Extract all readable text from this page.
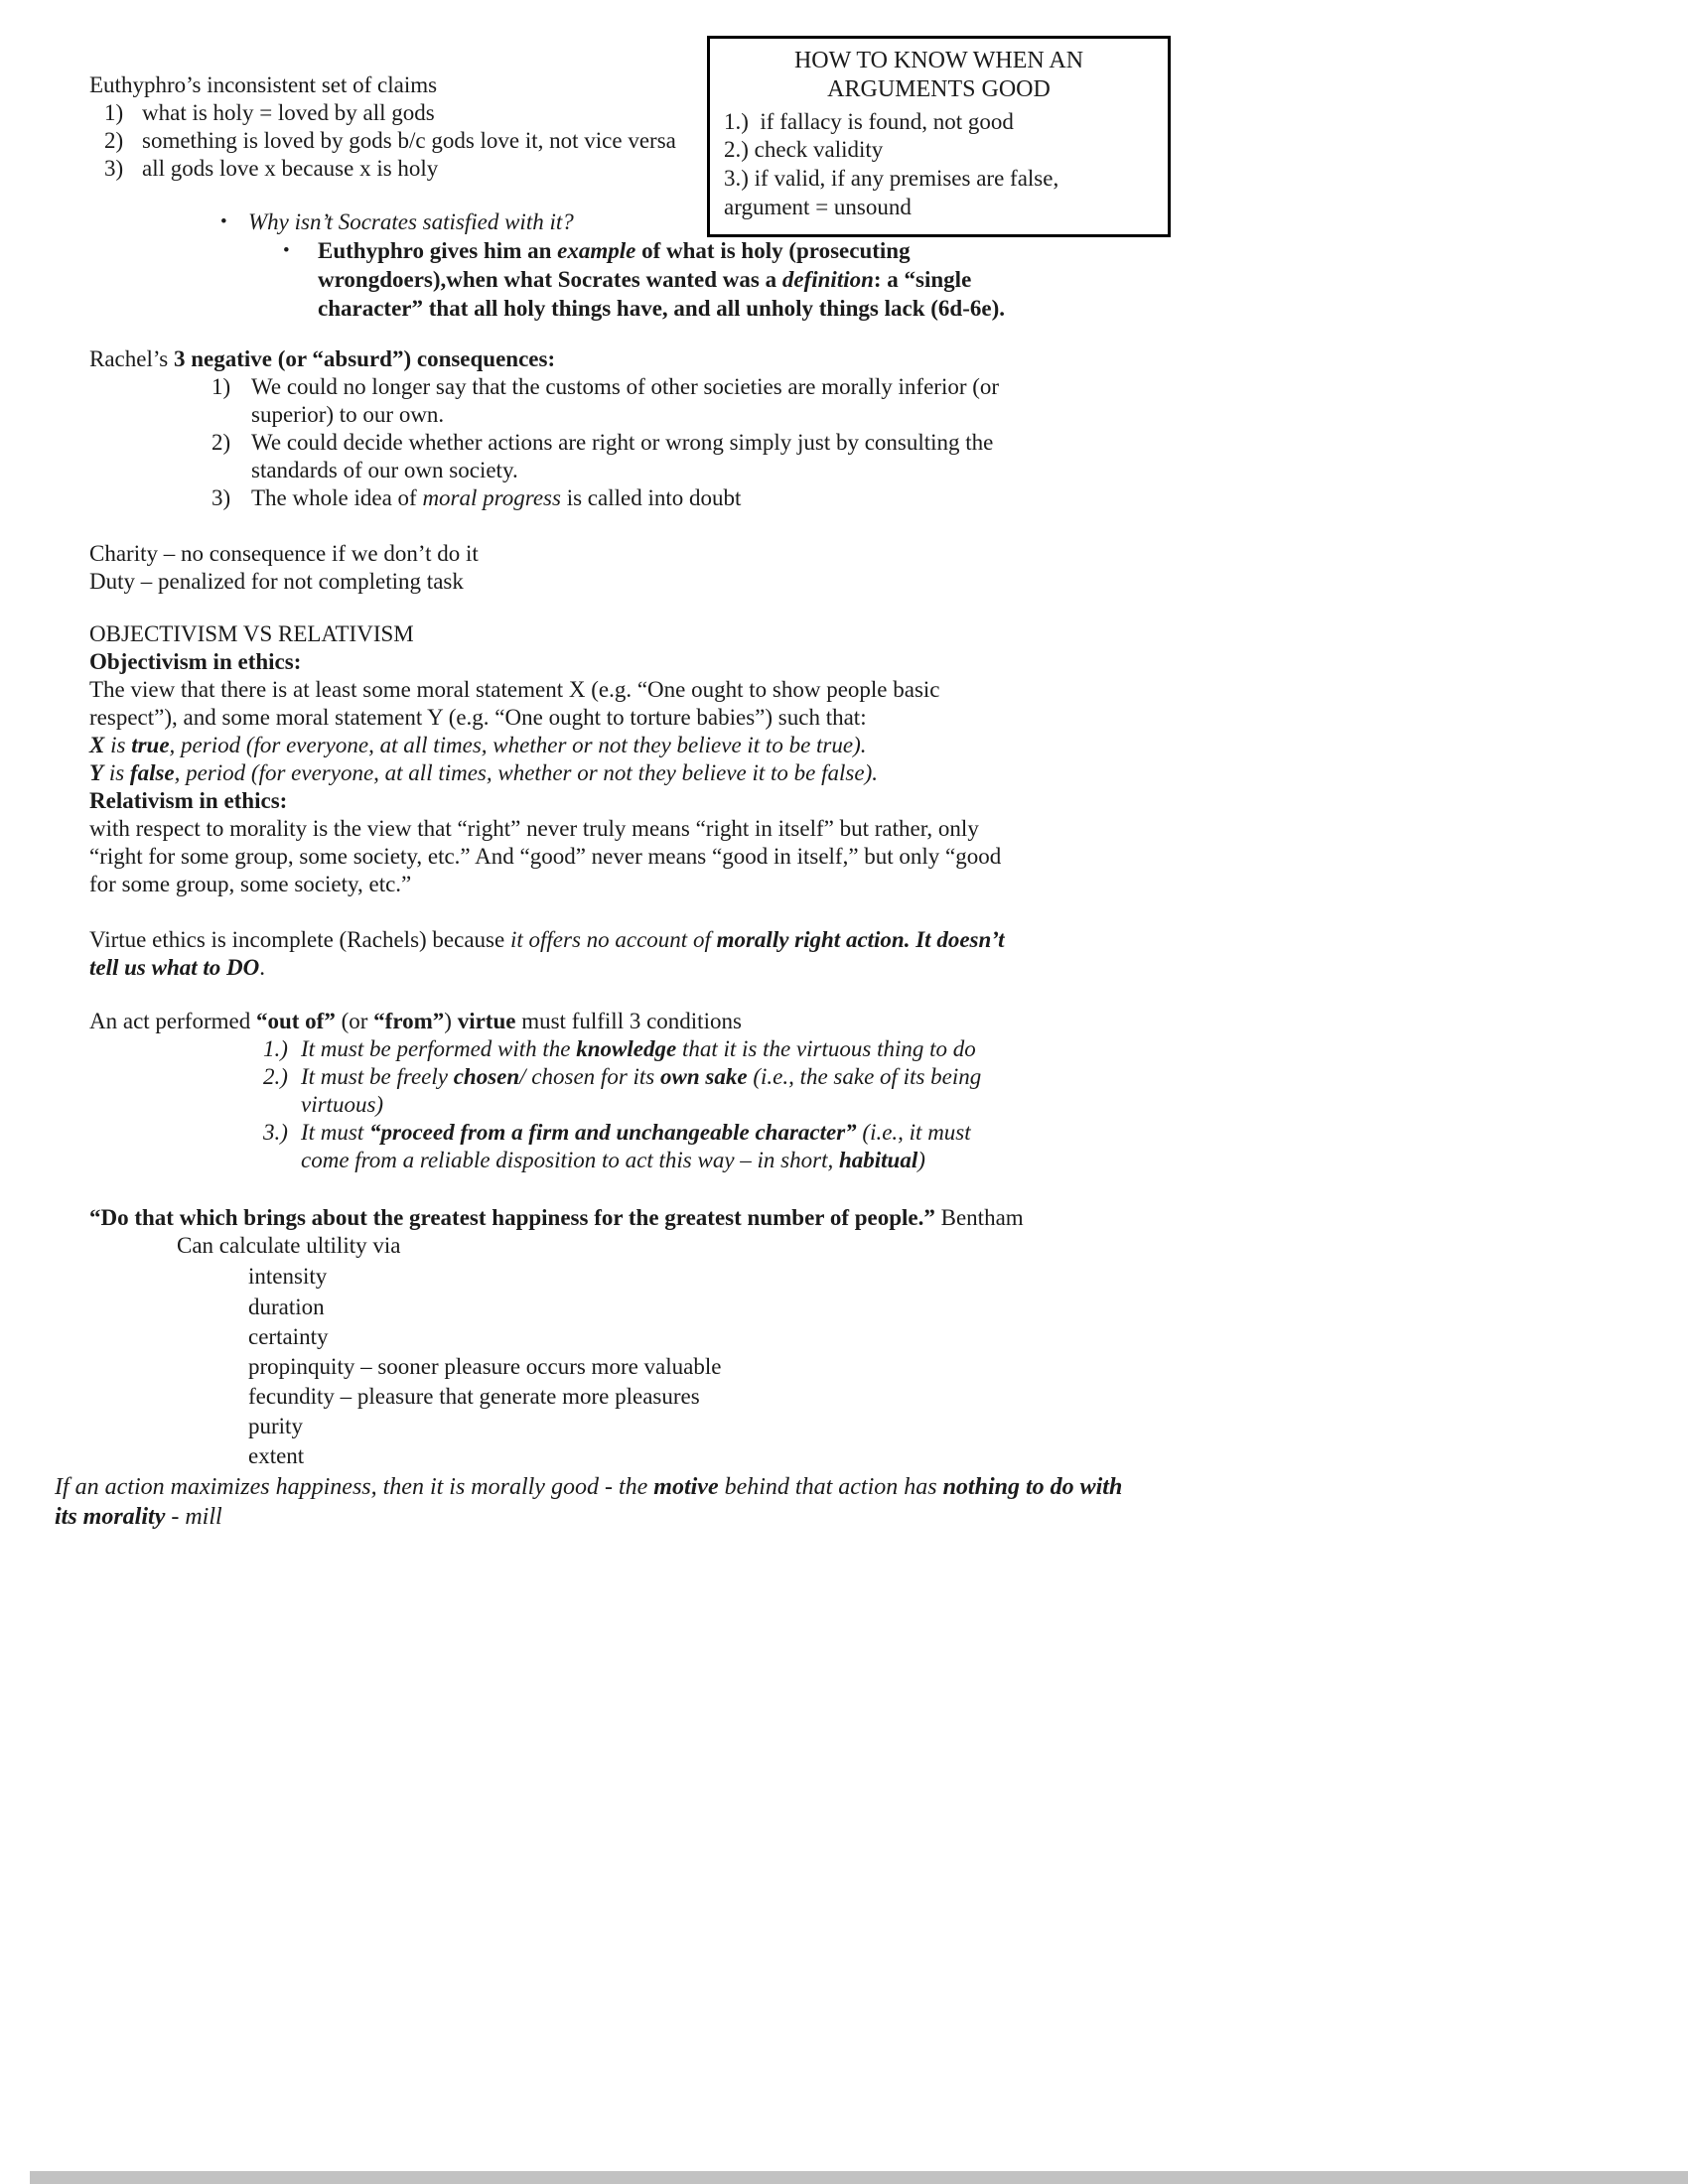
HOW TO KNOW WHEN AN
ARGUMENTS GOOD
1.)  if fallacy is found, not good
2.) check validity
3.) if valid, if any premises are false,
argument = unsound
Euthyphro’s inconsistent set of claims
1) what is holy = loved by all gods
2) something is loved by gods b/c gods love it, not vice versa
3) all gods love x because x is holy
• Why isn’t Socrates satisfied with it?
•	Euthyphro gives him an example of what is holy (prosecuting wrongdoers),when what Socrates wanted was a definition: a “single character” that all holy things have, and all unholy things lack (6d-6e).
Rachel’s 3 negative (or “absurd”) consequences:
1) We could no longer say that the customs of other societies are morally inferior (or superior) to our own.
2) We could decide whether actions are right or wrong simply just by consulting the standards of our own society.
3) The whole idea of moral progress is called into doubt
Charity – no consequence if we don’t do it
Duty – penalized for not completing task
OBJECTIVISM VS RELATIVISM
Objectivism in ethics:
The view that there is at least some moral statement X (e.g. “One ought to show people basic respect”), and some moral statement Y (e.g. “One ought to torture babies”) such that:
X is true, period (for everyone, at all times, whether or not they believe it to be true).
Y is false, period (for everyone, at all times, whether or not they believe it to be false).
Relativism in ethics:
with respect to morality is the view that “right” never truly means “right in itself” but rather, only “right for some group, some society, etc.” And “good” never means “good in itself,” but only “good for some group, some society, etc.”
Virtue ethics is incomplete (Rachels) because it offers no account of morally right action. It doesn’t tell us what to DO.
An act performed “out of” (or “from”) virtue must fulfill 3 conditions
1.) It must be performed with the knowledge that it is the virtuous thing to do
2.) It must be freely chosen/ chosen for its own sake (i.e., the sake of its being virtuous)
3.) It must “proceed from a firm and unchangeable character” (i.e., it must come from a reliable disposition to act this way – in short, habitual)
“Do that which brings about the greatest happiness for the greatest number of people.” Bentham
Can calculate ultility via
intensity
duration
certainty
propinquity – sooner pleasure occurs more valuable
fecundity – pleasure that generate more pleasures
purity
extent
If an action maximizes happiness, then it is morally good - the motive behind that action has nothing to do with its morality - mill
